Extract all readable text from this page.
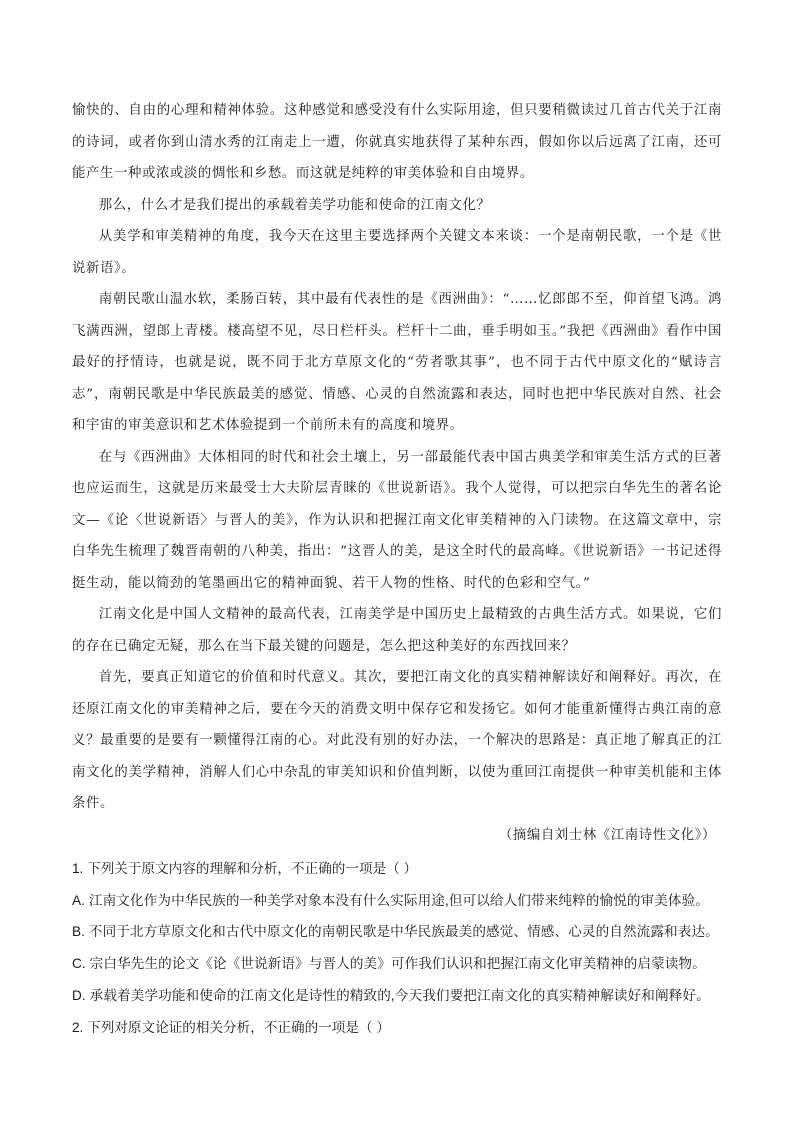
愉快的、自由的心理和精神体验。这种感觉和感受没有什么实际用途，但只要稍微读过几首古代关于江南的诗词，或者你到山清水秀的江南走上一遭，你就真实地获得了某种东西，假如你以后远离了江南，还可能产生一种或浓或淡的惆怅和乡愁。而这就是纯粹的审美体验和自由境界。

那么，什么才是我们提出的承载着美学功能和使命的江南文化？

从美学和审美精神的角度，我今天在这里主要选择两个关键文本来谈：一个是南朝民歌，一个是《世说新语》。

南朝民歌山温水软，柔肠百转，其中最有代表性的是《西洲曲》：“……忆郎郎不至，仰首望飞鸿。鸿飞满西洲，望郎上青楼。楼高望不见，尽日栏杆头。栏杆十二曲，垂手明如玉。”我把《西洲曲》看作中国最好的抒情诗，也就是说，既不同于北方草原文化的“劳者歌其事”，也不同于古代中原文化的“赋诗言志”，南朝民歌是中华民族最美的感觉、情感、心灵的自然流露和表达，同时也把中华民族对自然、社会和宇宙的审美意识和艺术体验提到一个前所未有的高度和境界。

在与《西洲曲》大体相同的时代和社会土壤上，另一部最能代表中国古典美学和审美生活方式的巨著也应运而生，这就是历来最受士大夫阶层青睐的《世说新语》。我个人觉得，可以把宗白华先生的著名论文—《论〈世说新语〉与晋人的美》，作为认识和把握江南文化审美精神的入门读物。在这篇文章中，宗白华先生梳理了魏晋南朝的八种美，指出：“这晋人的美，是这全时代的最高峰。《世说新语》一书记述得挺生动，能以简劲的笔墨画出它的精神面貌、若干人物的性格、时代的色彩和空气。”

江南文化是中国人文精神的最高代表，江南美学是中国历史上最精致的古典生活方式。如果说，它们的存在已确定无疑，那么在当下最关键的问题是，怎么把这种美好的东西找回来？

首先，要真正知道它的价值和时代意义。其次，要把江南文化的真实精神解读好和阐释好。再次，在还原江南文化的审美精神之后，要在今天的消费文明中保存它和发扬它。如何才能重新懂得古典江南的意义？最重要的是要有一颗懂得江南的心。对此没有别的好办法，一个解决的思路是：真正地了解真正的江南文化的美学精神，消解人们心中杂乱的审美知识和价值判断，以使为重回江南提供一种审美机能和主体条件。

（摘编自刘士林《江南诗性文化》）

1. 下列关于原文内容的理解和分析，不正确的一项是（ ）

A. 江南文化作为中华民族的一种美学对象本没有什么实际用途,但可以给人们带来纯粹的愉悦的审美体验。

B. 不同于北方草原文化和古代中原文化的南朝民歌是中华民族最美的感觉、情感、心灵的自然流露和表达。

C. 宗白华先生的论文《论《世说新语》与晋人的美》可作我们认识和把握江南文化审美精神的启蒙读物。

D. 承载着美学功能和使命的江南文化是诗性的精致的,今天我们要把江南文化的真实精神解读好和阐释好。

2. 下列对原文论证的相关分析，不正确的一项是（ ）
